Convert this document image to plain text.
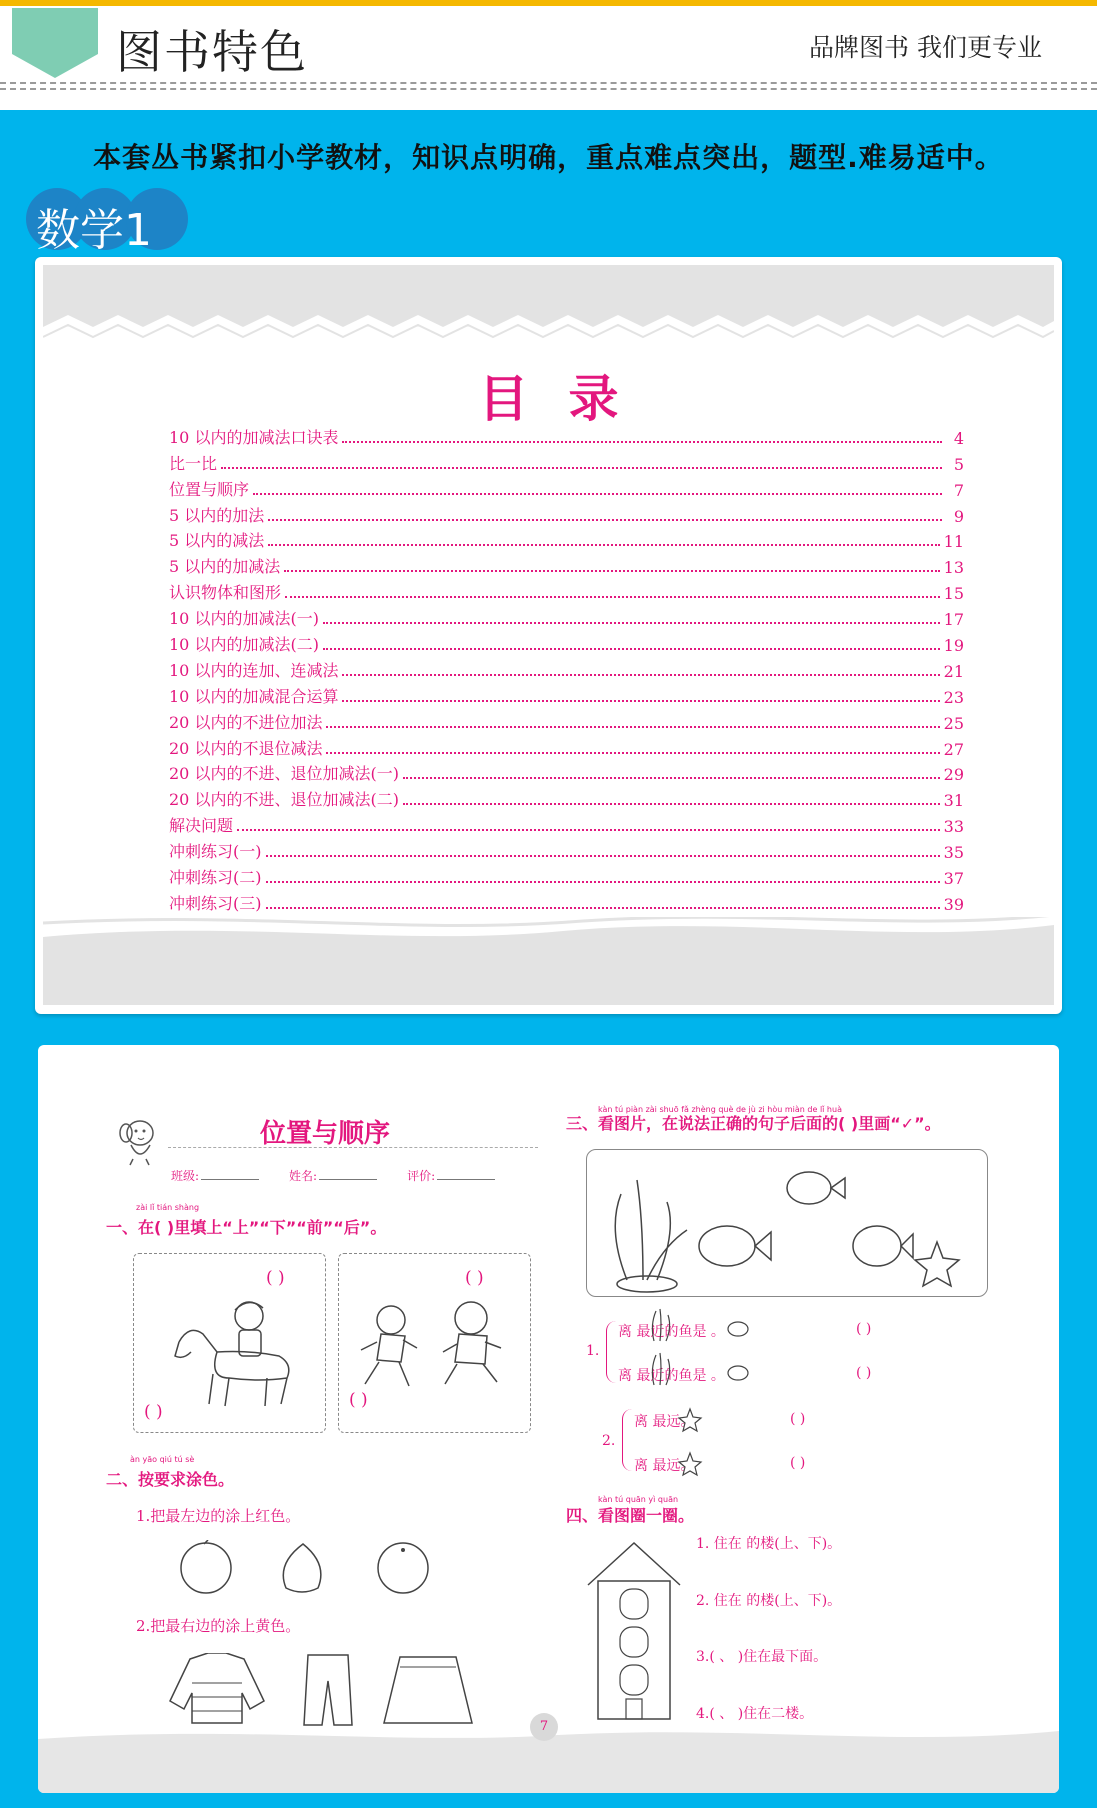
图书特色	品牌图书 我们更专业
本套丛书紧扣小学教材，知识点明确，重点难点突出，题型.难易适中。
数学1
目录
10 以内的加减法口诀表	4
比一比	5
位置与顺序	7
5 以内的加法	9
5 以内的减法	11
5 以内的加减法	13
认识物体和图形	15
10 以内的加减法(一)	17
10 以内的加减法(二)	19
10 以内的连加、连减法	21
10 以内的加减混合运算	23
20 以内的不进位加法	25
20 以内的不退位减法	27
20 以内的不进、退位加减法(一)	29
20 以内的不进、退位加减法(二)	31
解决问题	33
冲刺练习(一)	35
冲刺练习(二)	37
冲刺练习(三)	39
位置与顺序
班级:	姓名:	评价:
zài lǐ tián shàng
一、在( )里填上“上”“下”“前”“后”。
( )
( )
( )
( )
àn yāo qiú tú sè
二、按要求涂色。
1.把最左边的涂上红色。
2.把最右边的涂上黄色。
kàn tú piàn zài shuō fǎ zhèng què de jù zi hòu miàn de lǐ huà
三、看图片，在说法正确的句子后面的( )里画“✓”。
1.
离 最近的鱼是 。	( )
离 最近的鱼是 。	( )
2.
离 最远。	( )
离 最远。	( )
kàn tú quān yì quān
四、看图圈一圈。
1. 住在 的楼(上、下)。
2. 住在 的楼(上、下)。
3.( 、 )住在最下面。
4.( 、 )住在二楼。
7
